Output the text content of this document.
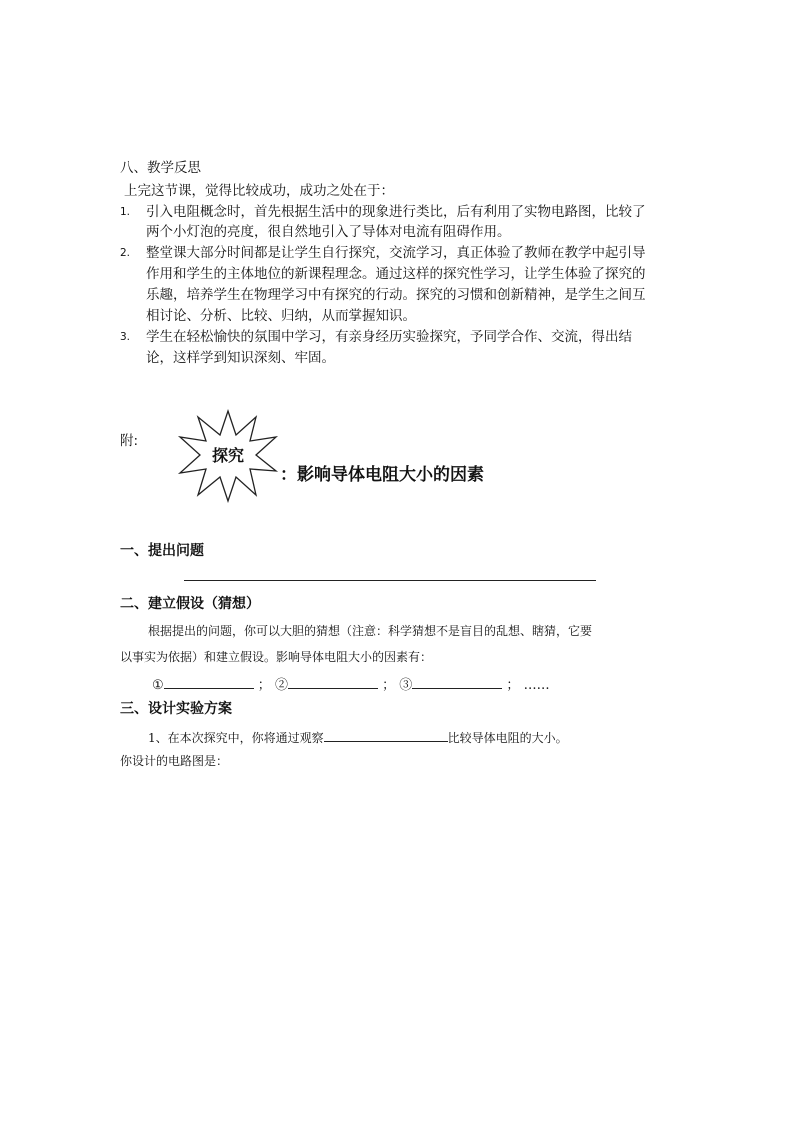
八、教学反思
上完这节课，觉得比较成功，成功之处在于：
1. 引入电阻概念时，首先根据生活中的现象进行类比，后有利用了实物电路图，比较了
两个小灯泡的亮度，很自然地引入了导体对电流有阻碍作用。
2. 整堂课大部分时间都是让学生自行探究，交流学习，真正体验了教师在教学中起引导
作用和学生的主体地位的新课程理念。通过这样的探究性学习，让学生体验了探究的
乐趣，培养学生在物理学习中有探究的行动。探究的习惯和创新精神，是学生之间互
相讨论、分析、比较、归纳，从而掌握知识。
3. 学生在轻松愉快的氛围中学习，有亲身经历实验探究，予同学合作、交流，得出结
论，这样学到知识深刻、牢固。
附:
探究
：影响导体电阻大小的因素
一、提出问题
二、建立假设（猜想）
根据提出的问题，你可以大胆的猜想（注意：科学猜想不是盲目的乱想、瞎猜，它要
以事实为依据）和建立假设。影响导体电阻大小的因素有：
①	； ②	； ③	； ……
三、设计实验方案
1、在本次探究中，你将通过观察	比较导体电阻的大小。
你设计的电路图是：
